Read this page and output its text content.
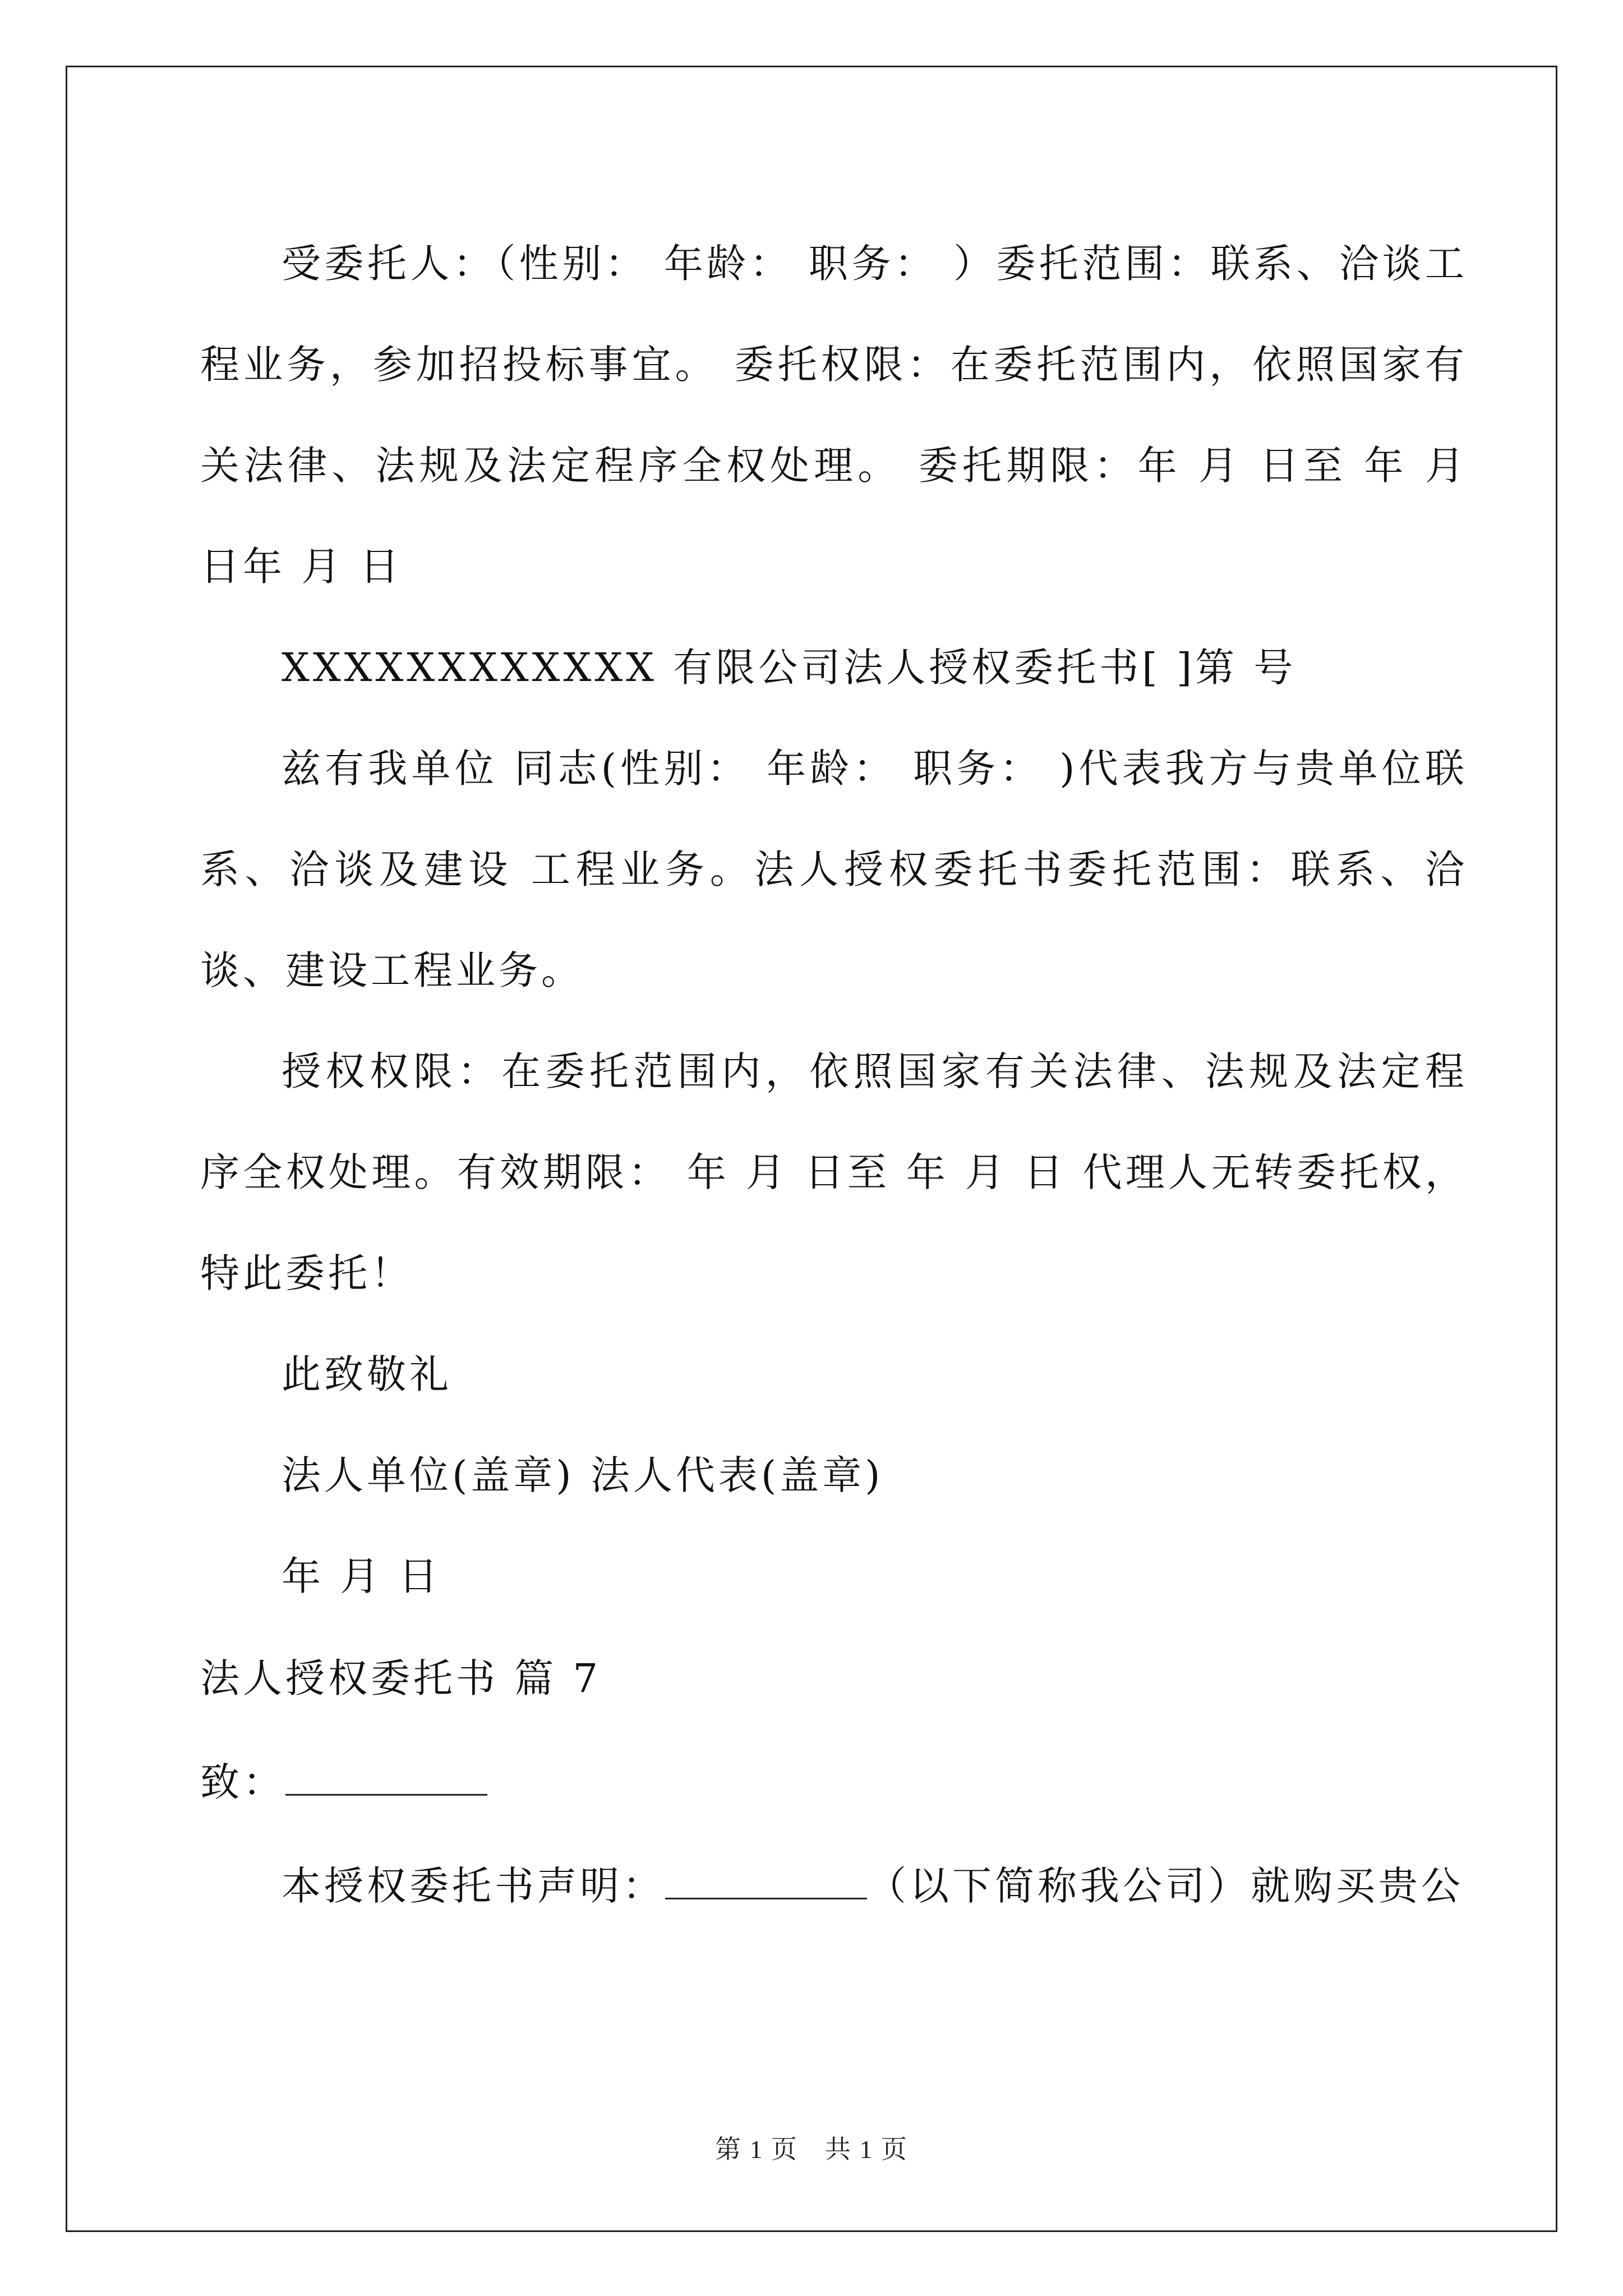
受委托人：（性别： 年龄： 职务： ）委托范围：联系、洽谈工程业务，参加招投标事宜。 委托权限：在委托范围内，依照国家有关法律、法规及法定程序全权处理。 委托期限：年 月 日至 年 月日年 月 日

XXXXXXXXXXXX 有限公司法人授权委托书[ ]第 号

兹有我单位 同志(性别： 年龄： 职务： )代表我方与贵单位联系、洽谈及建设 工程业务。法人授权委托书委托范围：联系、洽谈、建设工程业务。

授权权限：在委托范围内，依照国家有关法律、法规及法定程序全权处理。有效期限： 年 月 日至 年 月 日 代理人无转委托权，特此委托！

此致敬礼

法人单位(盖章) 法人代表(盖章)

年 月 日

法人授权委托书 篇 7

致：

本授权委托书声明：	（以下简称我公司）就购买贵公

第 1 页　共 1 页
